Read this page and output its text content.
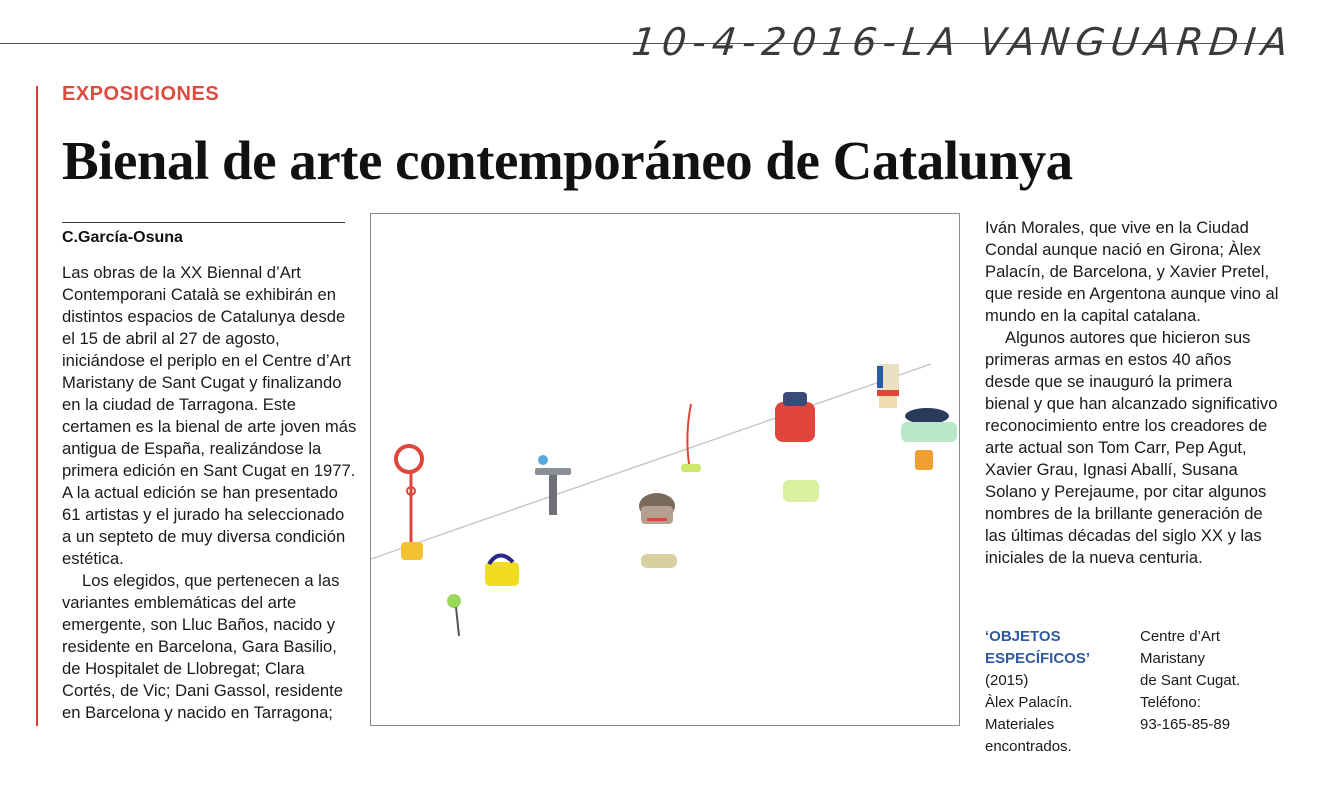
10-4-2016-LA VANGUARDIA
EXPOSICIONES
Bienal de arte contemporáneo de Catalunya
C.García-Osuna

Las obras de la XX Biennal d’Art Contemporani Català se exhibirán en distintos espacios de Catalunya desde el 15 de abril al 27 de agosto, iniciándose el periplo en el Centre d’Art Maristany de Sant Cugat y finalizando en la ciudad de Tarragona. Este certamen es la bienal de arte joven más antigua de España, realizándose la primera edición en Sant Cugat en 1977. A la actual edición se han presentado 61 artistas y el jurado ha seleccionado a un septeto de muy diversa condición estética.

Los elegidos, que pertenecen a las variantes emblemáticas del arte emergente, son Lluc Baños, nacido y residente en Barcelona, Gara Basilio, de Hospitalet de Llobregat; Clara Cortés, de Vic; Dani Gassol, residente en Barcelona y nacido en Tarragona;

Iván Morales, que vive en la Ciudad Condal aunque nació en Girona; Àlex Palacín, de Barcelona, y Xavier Pretel, que reside en Argentona aunque vino al mundo en la capital catalana.

Algunos autores que hicieron sus primeras armas en estos 40 años desde que se inauguró la primera bienal y que han alcanzado significativo reconocimiento entre los creadores de arte actual son Tom Carr, Pep Agut, Xavier Grau, Ignasi Aballí, Susana Solano y Perejaume, por citar algunos nombres de la brillante generación de las últimas décadas del siglo XX y las iniciales de la nueva centuria.

‘OBJETOS ESPECÍFICOS’ (2015)
Àlex Palacín.
Materiales encontrados.
Centre d’Art
Maristany
de Sant Cugat.
Teléfono:
93-165-85-89
